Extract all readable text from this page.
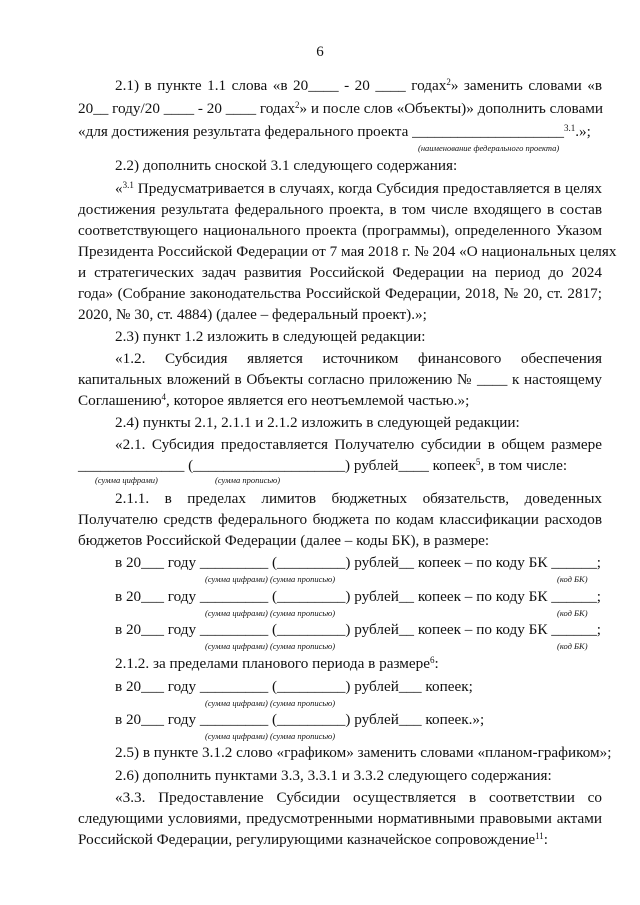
6
2.1) в пункте 1.1 слова «в 20____ - 20 ____ годах$^2$» заменить словами «в
20__ году/20 ____ - 20 ____ годах$^2$» и после слов «Объекты)» дополнить словами
«для достижения результата федерального проекта ____________________$^{3.1}$.»;
(наименование федерального проекта)
2.2) дополнить сноской 3.1 следующего содержания:
«$^{3.1}$ Предусматривается в случаях, когда Субсидия предоставляется в целях
достижения результата федерального проекта, в том числе входящего в состав
соответствующего национального проекта (программы), определенного Указом
Президента Российской Федерации от 7 мая 2018 г. № 204 «О национальных целях
и стратегических задач развития Российской Федерации на период до 2024
года» (Собрание законодательства Российской Федерации, 2018, № 20, ст. 2817;
2020, № 30, ст. 4884) (далее – федеральный проект).»;
2.3) пункт 1.2 изложить в следующей редакции:
«1.2. Субсидия является источником финансового обеспечения
капитальных вложений в Объекты согласно приложению № ____ к настоящему
Соглашению$^4$, которое является его неотъемлемой частью.»;
2.4) пункты 2.1, 2.1.1 и 2.1.2 изложить в следующей редакции:
«2.1. Субсидия предоставляется Получателю субсидии в общем размере
______________ (____________________) рублей____ копеек$^5$, в том числе:
(сумма цифрами)	(сумма прописью)
2.1.1. в пределах лимитов бюджетных обязательств, доведенных
Получателю средств федерального бюджета по кодам классификации расходов
бюджетов Российской Федерации (далее – коды БК), в размере:
в 20___ году _________ (_________) рублей__ копеек – по коду БК ______;
(сумма цифрами) (сумма прописью)	(код БК)
в 20___ году _________ (_________) рублей__ копеек – по коду БК ______;
(сумма цифрами) (сумма прописью)	(код БК)
в 20___ году _________ (_________) рублей__ копеек – по коду БК ______;
(сумма цифрами) (сумма прописью)	(код БК)
2.1.2. за пределами планового периода в размере$^6$:
в 20___ году _________ (_________) рублей___ копеек;
(сумма цифрами) (сумма прописью)
в 20___ году _________ (_________) рублей___ копеек.»;
(сумма цифрами) (сумма прописью)
2.5) в пункте 3.1.2 слово «графиком» заменить словами «планом-графиком»;
2.6) дополнить пунктами 3.3, 3.3.1 и 3.3.2 следующего содержания:
«3.3. Предоставление Субсидии осуществляется в соответствии со
следующими условиями, предусмотренными нормативными правовыми актами
Российской Федерации, регулирующими казначейское сопровождение$^{11}$:
